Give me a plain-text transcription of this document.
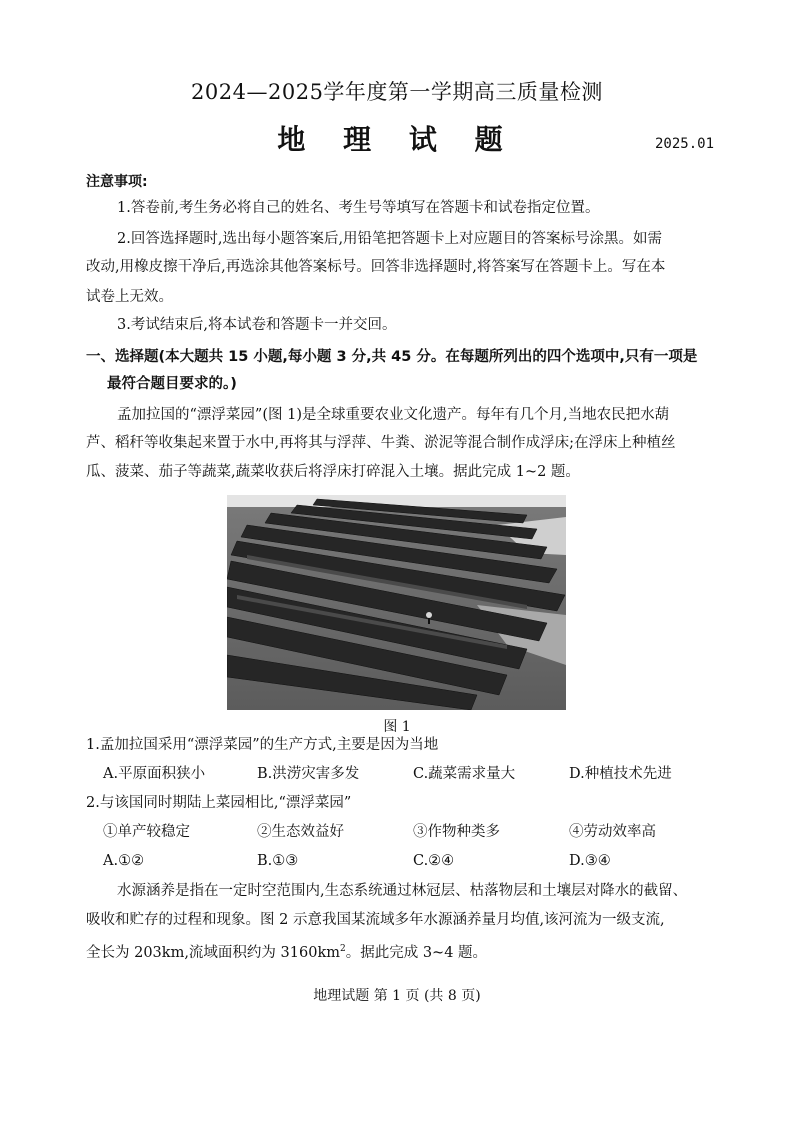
2024—2025学年度第一学期高三质量检测
地 理 试 题	2025.01
注意事项:
1.答卷前,考生务必将自己的姓名、考生号等填写在答题卡和试卷指定位置。
2.回答选择题时,选出每小题答案后,用铅笔把答题卡上对应题目的答案标号涂黑。如需
改动,用橡皮擦干净后,再选涂其他答案标号。回答非选择题时,将答案写在答题卡上。写在本
试卷上无效。
3.考试结束后,将本试卷和答题卡一并交回。
一、选择题(本大题共 15 小题,每小题 3 分,共 45 分。在每题所列出的四个选项中,只有一项是
最符合题目要求的。)
孟加拉国的“漂浮菜园”(图 1)是全球重要农业文化遗产。每年有几个月,当地农民把水葫
芦、稻秆等收集起来置于水中,再将其与浮萍、牛粪、淤泥等混合制作成浮床;在浮床上种植丝
瓜、菠菜、茄子等蔬菜,蔬菜收获后将浮床打碎混入土壤。据此完成 1~2 题。
图 1
1.孟加拉国采用“漂浮菜园”的生产方式,主要是因为当地
A.平原面积狭小	B.洪涝灾害多发	C.蔬菜需求量大	D.种植技术先进
2.与该国同时期陆上菜园相比,“漂浮菜园”
①单产较稳定	②生态效益好	③作物种类多	④劳动效率高
A.①②	B.①③	C.②④	D.③④
水源涵养是指在一定时空范围内,生态系统通过林冠层、枯落物层和土壤层对降水的截留、
吸收和贮存的过程和现象。图 2 示意我国某流域多年水源涵养量月均值,该河流为一级支流,
全长为 203km,流域面积约为 $3160km^2$。据此完成 3~4 题。
地理试题 第 1 页 (共 8 页)
